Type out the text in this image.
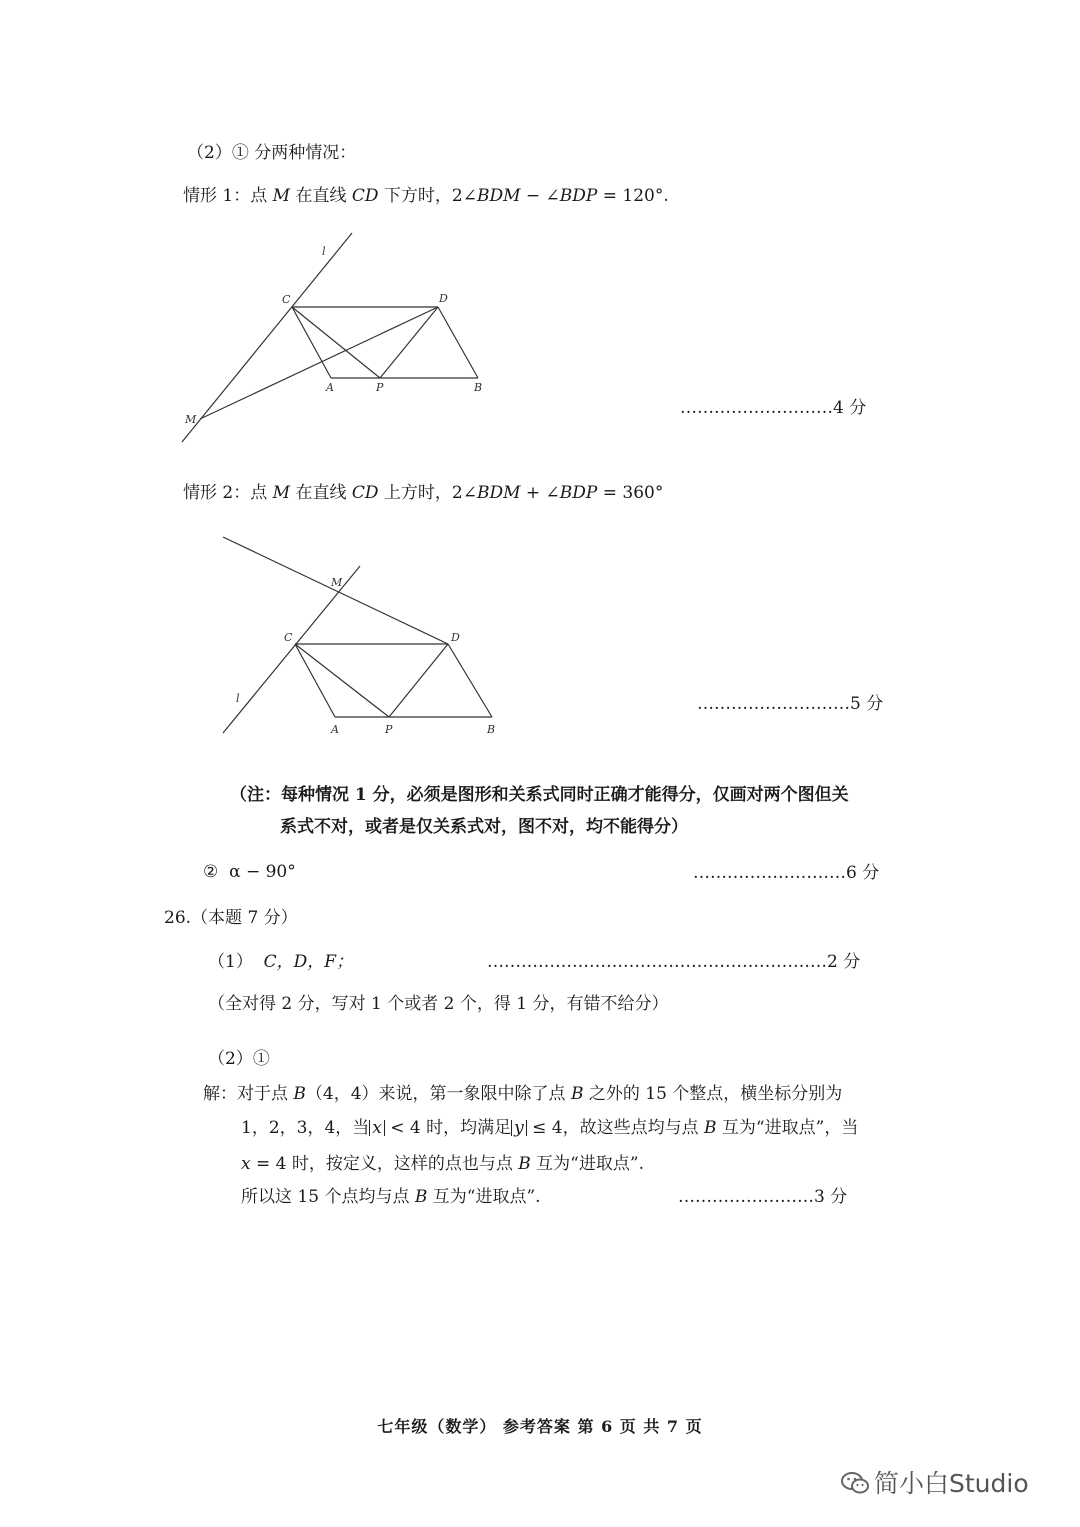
（2）① 分两种情况：
情形 1：点 M 在直线 CD 下方时，2∠BDM − ∠BDP = 120°.
l
C	D
A	P	B
M
M
C	D
l
A	P	B
………………………4 分
情形 2：点 M 在直线 CD 上方时，2∠BDM + ∠BDP = 360°
………………………5 分
（注：每种情况 1 分，必须是图形和关系式同时正确才能得分，仅画对两个图但关
系式不对，或者是仅关系式对，图不对，均不能得分）
② α − 90°	………………………6 分
26.（本题 7 分）
（1） C，D，F；	……………………………………………………2 分
（全对得 2 分，写对 1 个或者 2 个，得 1 分，有错不给分）
（2）①
解：对于点 B（4，4）来说，第一象限中除了点 B 之外的 15 个整点，横坐标分别为
1，2，3，4，当 x < 4 时，均满足 y ≤ 4，故这些点均与点 B 互为“进取点”，当
x = 4 时，按定义，这样的点也与点 B 互为“进取点”.
所以这 15 个点均与点 B 互为“进取点”.	……………………3 分
七年级（数学） 参考答案 第 6 页 共 7 页
简小白Studio
